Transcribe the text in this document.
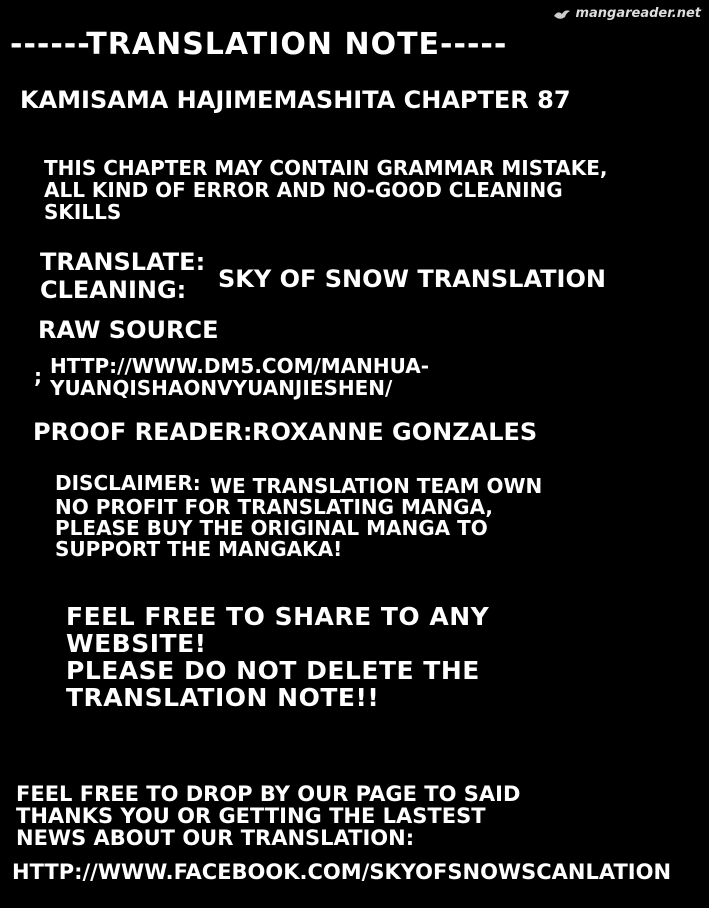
mangareader.net
------TRANSLATION NOTE-----
KAMISAMA HAJIMEMASHITA CHAPTER 87
THIS CHAPTER MAY CONTAIN GRAMMAR MISTAKE,
ALL KIND OF ERROR AND NO-GOOD CLEANING
SKILLS
TRANSLATE:
CLEANING: SKY OF SNOW TRANSLATION
RAW SOURCE
; HTTP://WWW.DM5.COM/MANHUA-
YUANQISHAONVYUANJIESHEN/
PROOF READER: ROXANNE GONZALES
DISCLAIMER: WE TRANSLATION TEAM OWN
NO PROFIT FOR TRANSLATING MANGA,
PLEASE BUY THE ORIGINAL MANGA TO
SUPPORT THE MANGAKA!
FEEL FREE TO SHARE TO ANY
WEBSITE!
PLEASE DO NOT DELETE THE
TRANSLATION NOTE!!
FEEL FREE TO DROP BY OUR PAGE TO SAID
THANKS YOU OR GETTING THE LASTEST
NEWS ABOUT OUR TRANSLATION:
HTTP://WWW.FACEBOOK.COM/SKYOFSNOWSCANLATION
